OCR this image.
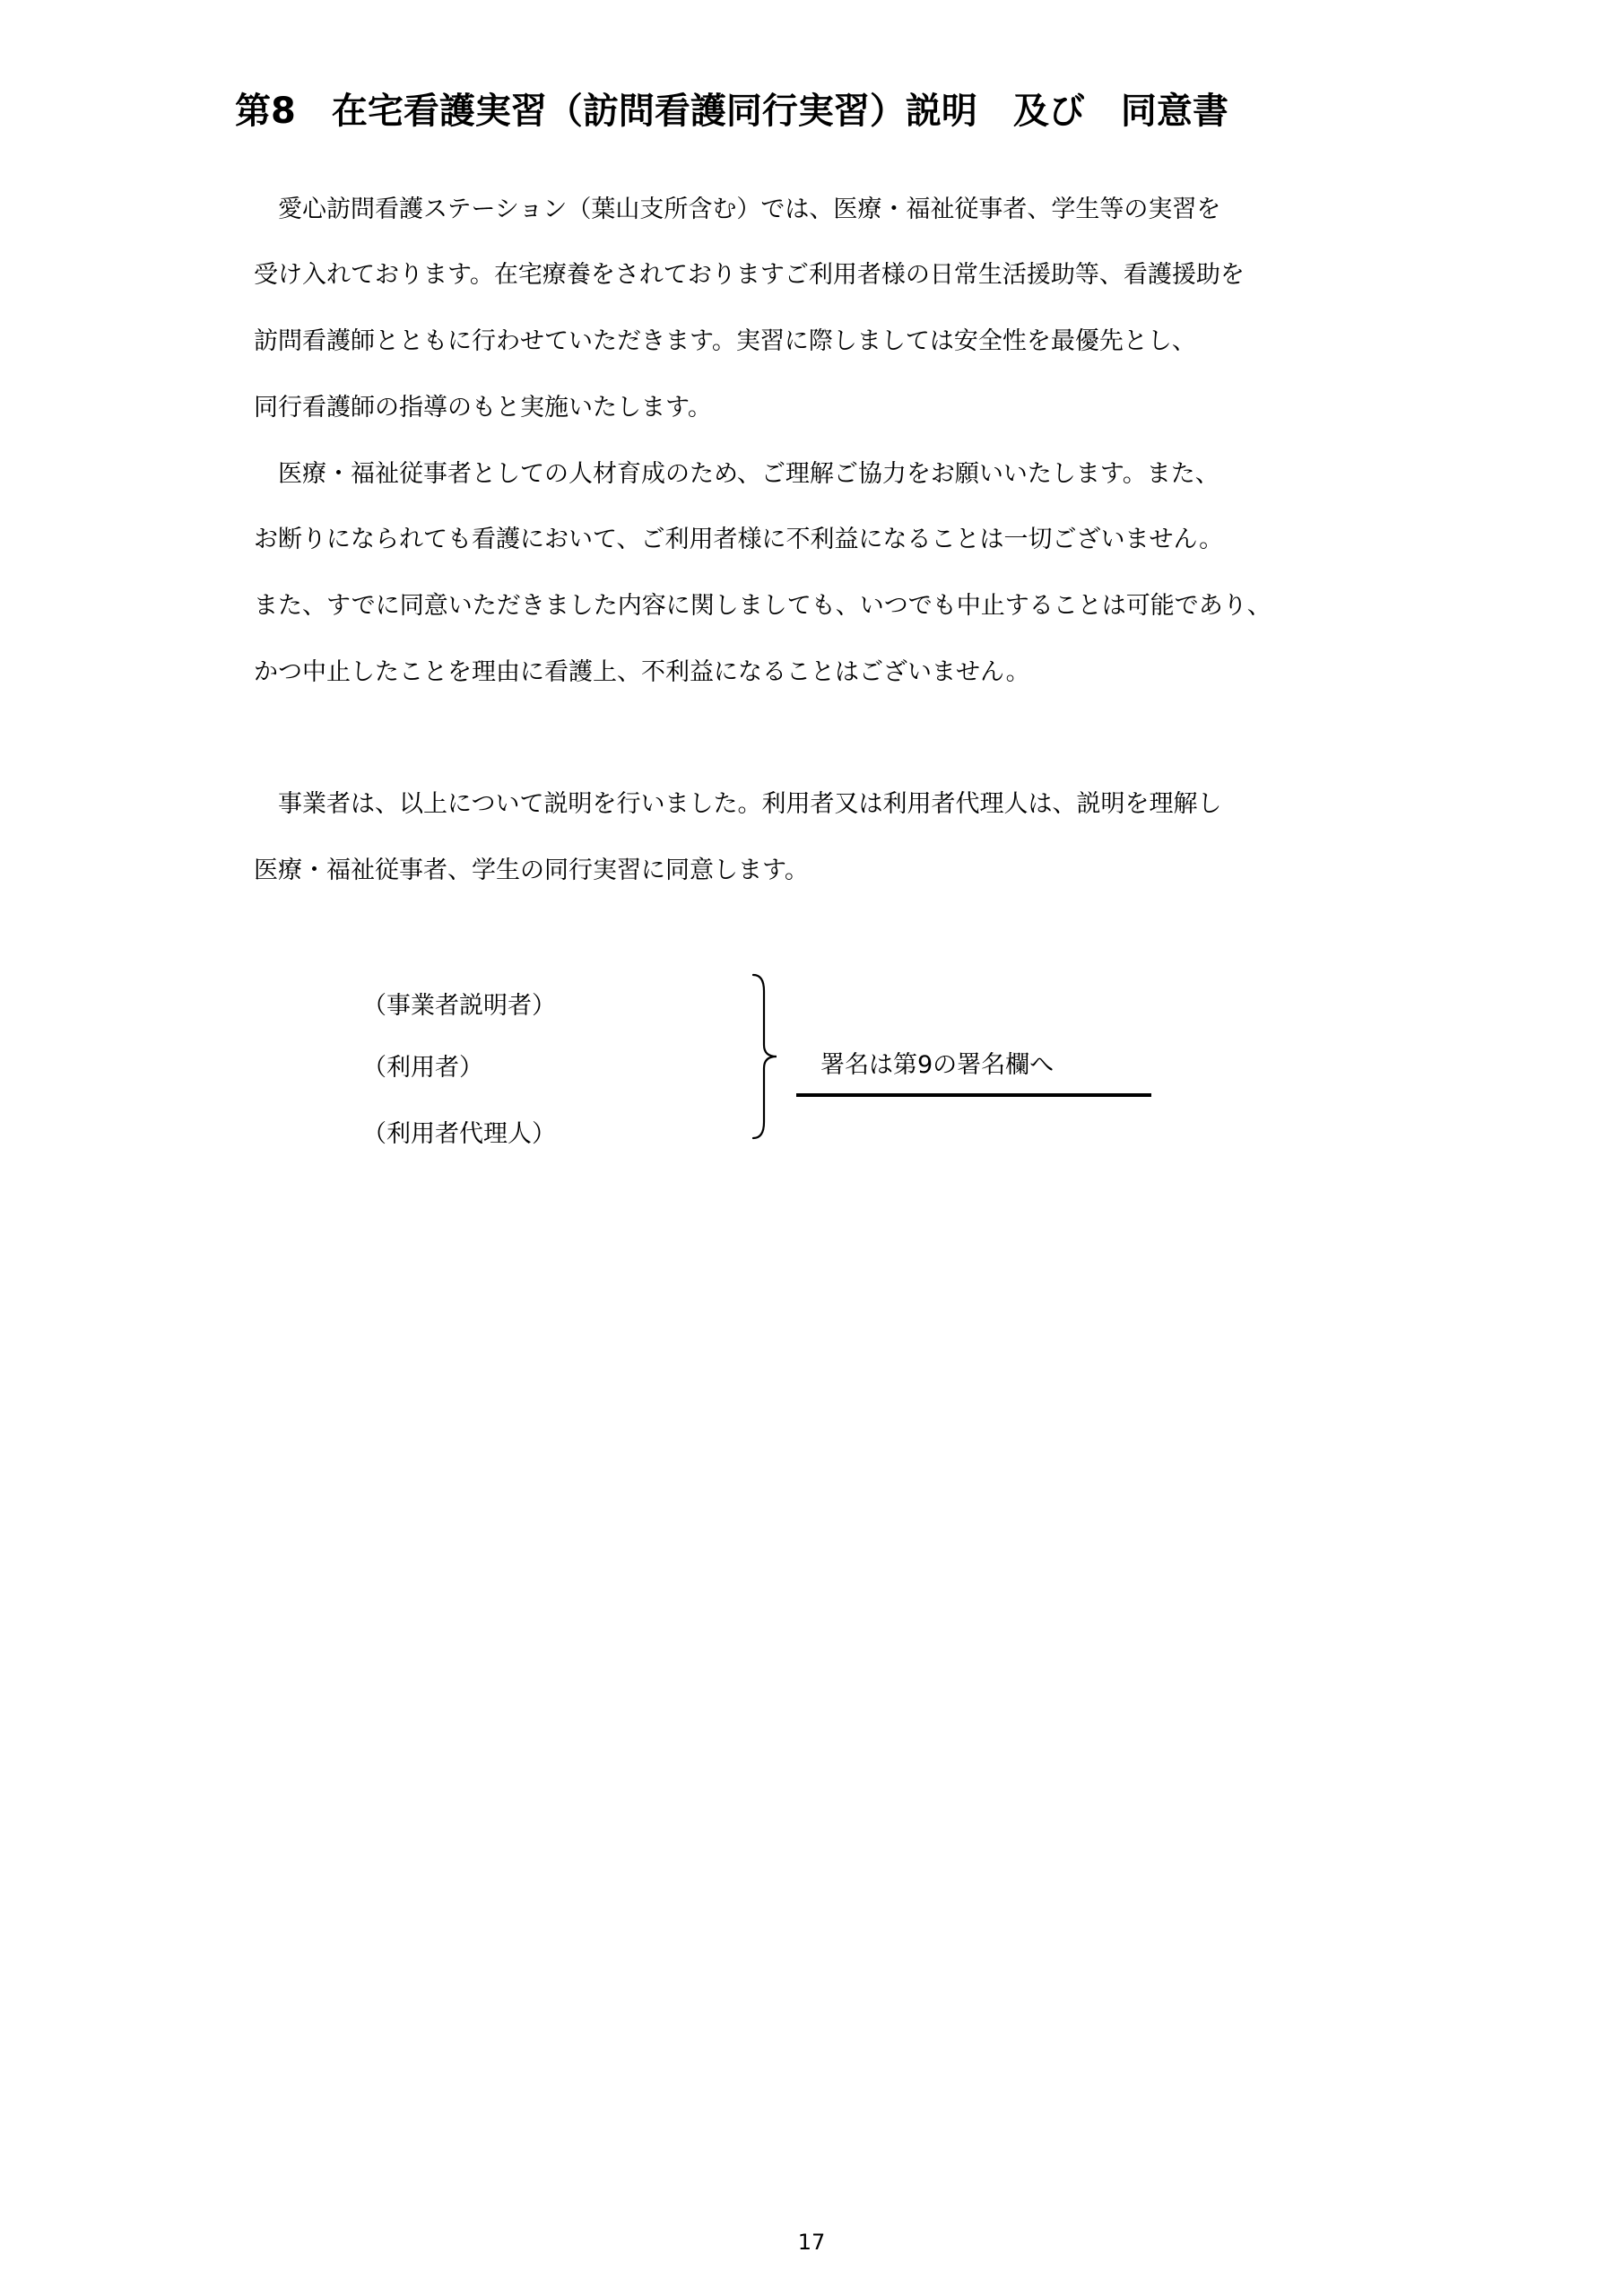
第8　在宅看護実習（訪問看護同行実習）説明　及び　同意書
　愛心訪問看護ステーション（葉山支所含む）では、医療・福祉従事者、学生等の実習を
受け入れております。在宅療養をされておりますご利用者様の日常生活援助等、看護援助を
訪問看護師とともに行わせていただきます。実習に際しましては安全性を最優先とし、
同行看護師の指導のもと実施いたします。
　医療・福祉従事者としての人材育成のため、ご理解ご協力をお願いいたします。また、
お断りになられても看護において、ご利用者様に不利益になることは一切ございません。
また、すでに同意いただきました内容に関しましても、いつでも中止することは可能であり、
かつ中止したことを理由に看護上、不利益になることはございません。
　事業者は、以上について説明を行いました。利用者又は利用者代理人は、説明を理解し
医療・福祉従事者、学生の同行実習に同意します。
（事業者説明者）
（利用者）
（利用者代理人）
署名は第9の署名欄へ
17
